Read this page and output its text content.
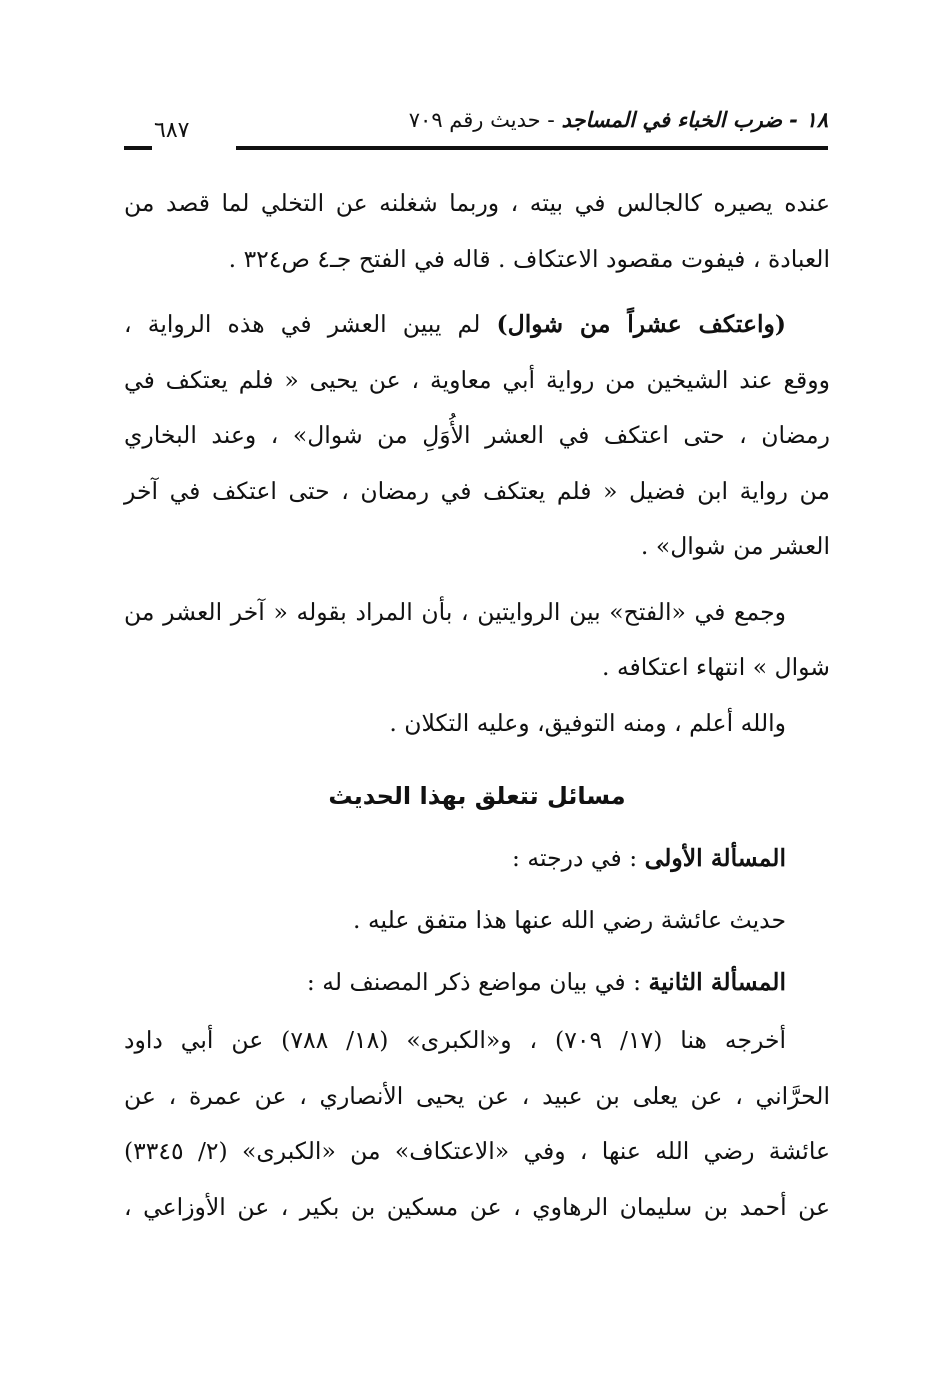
١٨ - ضرب الخباء في المساجد - حديث رقم ٧٠٩
٦٨٧
عنده يصيره كالجالس في بيته ، وربما شغلنه عن التخلي لما قصد من
العبادة ، فيفوت مقصود الاعتكاف . قاله في الفتح جـ٤ ص٣٢٤ .
(واعتكف عشراً من شوال) لم يبين العشر في هذه الرواية ،
ووقع عند الشيخين من رواية أبي معاوية ، عن يحيى « فلم يعتكف في
رمضان ، حتى اعتكف في العشر الأُوَلِ من شوال» ، وعند البخاري
من رواية ابن فضيل « فلم يعتكف في رمضان ، حتى اعتكف في آخر
العشر من شوال» .
وجمع في «الفتح» بين الروايتين ، بأن المراد بقوله « آخر العشر من
شوال » انتهاء اعتكافه .
والله أعلم ، ومنه التوفيق، وعليه التكلان .
مسائل تتعلق بهذا الحديث
المسألة الأولى : في درجته :
حديث عائشة رضي الله عنها هذا متفق عليه .
المسألة الثانية : في بيان مواضع ذكر المصنف له :
أخرجه هنا (١٧/ ٧٠٩) ، و«الكبرى» (١٨/ ٧٨٨) عن أبي داود
الحرَّاني ، عن يعلى بن عبيد ، عن يحيى الأنصاري ، عن عمرة ، عن
عائشة رضي الله عنها ، وفي «الاعتكاف» من «الكبرى» (٢/ ٣٣٤٥)
عن أحمد بن سليمان الرهاوي ، عن مسكين بن بكير ، عن الأوزاعي ،
